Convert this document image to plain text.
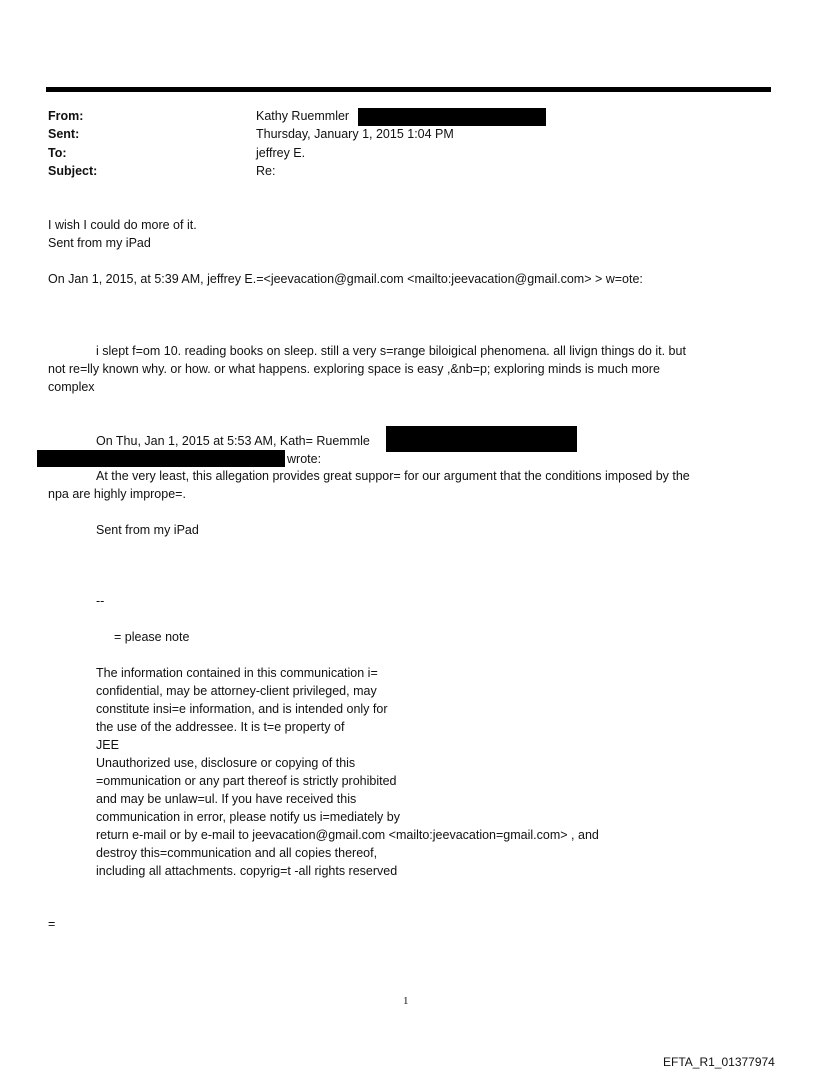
From:	Kathy Ruemmler
Sent:	Thursday, January 1, 2015 1:04 PM
To:	jeffrey E.
Subject:	Re:
I wish I could do more of it.
Sent from my iPad
On Jan 1, 2015, at 5:39 AM, jeffrey E.=<jeevacation@gmail.com <mailto:jeevacation@gmail.com> > w=ote:
i slept f=om 10. reading books on sleep. still a very s=range biloigical phenomena. all livign things do it. but
not re=lly known why. or how. or what happens. exploring space is easy ,&nb=p; exploring minds is much more
complex
On Thu, Jan 1, 2015 at 5:53 AM, Kath= Ruemmle
wrote:
At the very least, this allegation provides great suppor= for our argument that the conditions imposed by the
npa are highly imprope=.
Sent from my iPad
--
= please note
The information contained in this communication i=
confidential, may be attorney-client privileged, may
constitute insi=e information, and is intended only for
the use of the addressee. It is t=e property of
JEE
Unauthorized use, disclosure or copying of this
=ommunication or any part thereof is strictly prohibited
and may be unlaw=ul. If you have received this
communication in error, please notify us i=mediately by
return e-mail or by e-mail to jeevacation@gmail.com <mailto:jeevacation=gmail.com> , and
destroy this=communication and all copies thereof,
including all attachments. copyrig=t -all rights reserved
=
1
EFTA_R1_01377974
